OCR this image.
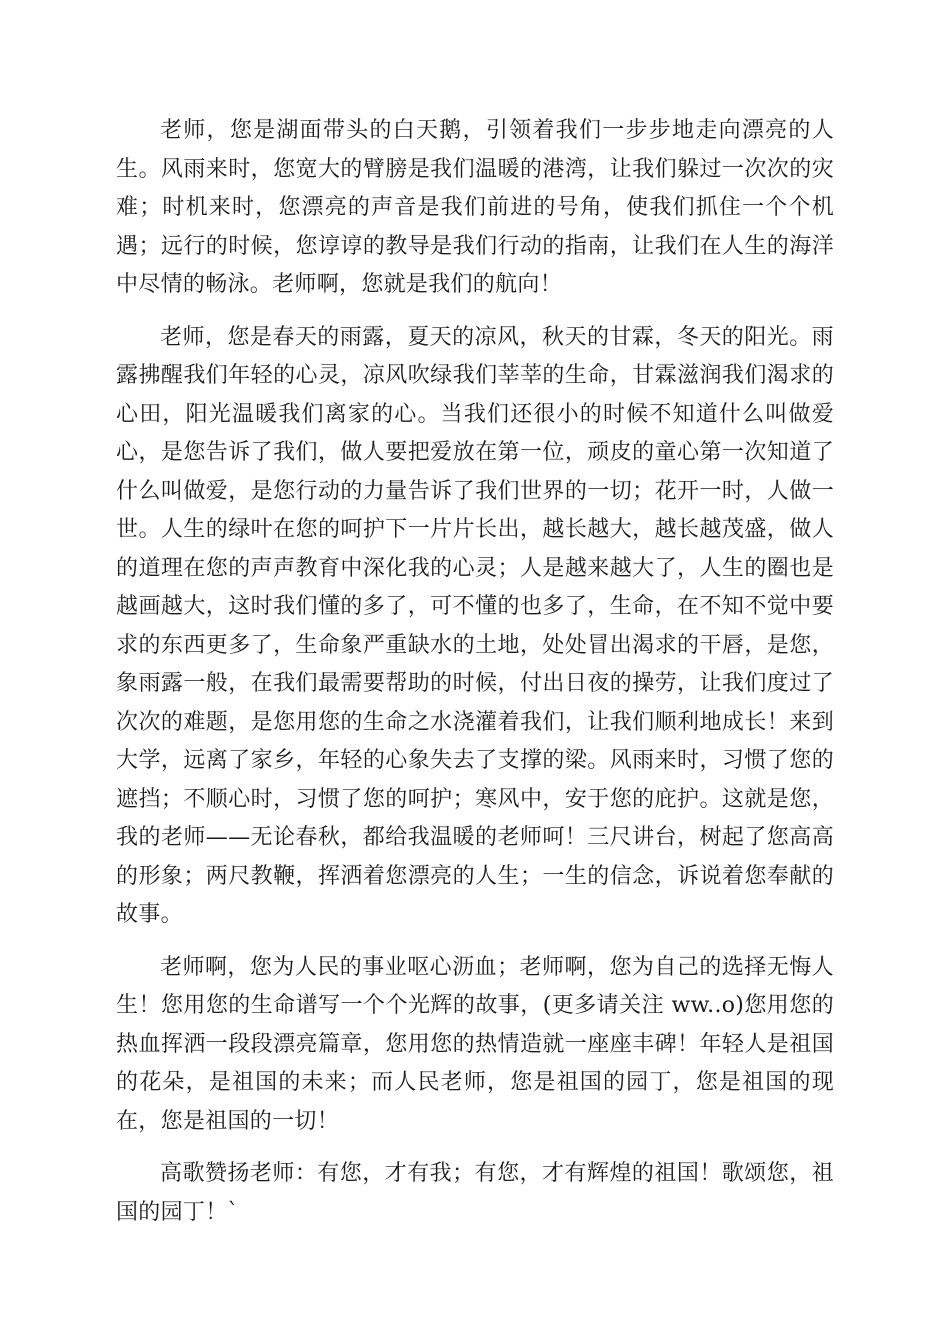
老师，您是湖面带头的白天鹅，引领着我们一步步地走向漂亮的人生。风雨来时，您宽大的臂膀是我们温暖的港湾，让我们躲过一次次的灾难；时机来时，您漂亮的声音是我们前进的号角，使我们抓住一个个机遇；远行的时候，您谆谆的教导是我们行动的指南，让我们在人生的海洋中尽情的畅泳。老师啊，您就是我们的航向！

老师，您是春天的雨露，夏天的凉风，秋天的甘霖，冬天的阳光。雨露拂醒我们年轻的心灵，凉风吹绿我们莘莘的生命，甘霖滋润我们渴求的心田，阳光温暖我们离家的心。当我们还很小的时候不知道什么叫做爱心，是您告诉了我们，做人要把爱放在第一位，顽皮的童心第一次知道了什么叫做爱，是您行动的力量告诉了我们世界的一切；花开一时，人做一世。人生的绿叶在您的呵护下一片片长出，越长越大，越长越茂盛，做人的道理在您的声声教育中深化我的心灵；人是越来越大了，人生的圈也是越画越大，这时我们懂的多了，可不懂的也多了，生命，在不知不觉中要求的东西更多了，生命象严重缺水的土地，处处冒出渴求的干唇，是您，象雨露一般，在我们最需要帮助的时候，付出日夜的操劳，让我们度过了次次的难题，是您用您的生命之水浇灌着我们，让我们顺利地成长！来到大学，远离了家乡，年轻的心象失去了支撑的梁。风雨来时，习惯了您的遮挡；不顺心时，习惯了您的呵护；寒风中，安于您的庇护。这就是您，我的老师——无论春秋，都给我温暖的老师呵！三尺讲台，树起了您高高的形象；两尺教鞭，挥洒着您漂亮的人生；一生的信念，诉说着您奉献的故事。

老师啊，您为人民的事业呕心沥血；老师啊，您为自己的选择无悔人生！您用您的生命谱写一个个光辉的故事，(更多请关注 ww..o)您用您的热血挥洒一段段漂亮篇章，您用您的热情造就一座座丰碑！年轻人是祖国的花朵，是祖国的未来；而人民老师，您是祖国的园丁，您是祖国的现在，您是祖国的一切！

高歌赞扬老师：有您，才有我；有您，才有辉煌的祖国！歌颂您，祖国的园丁！`
